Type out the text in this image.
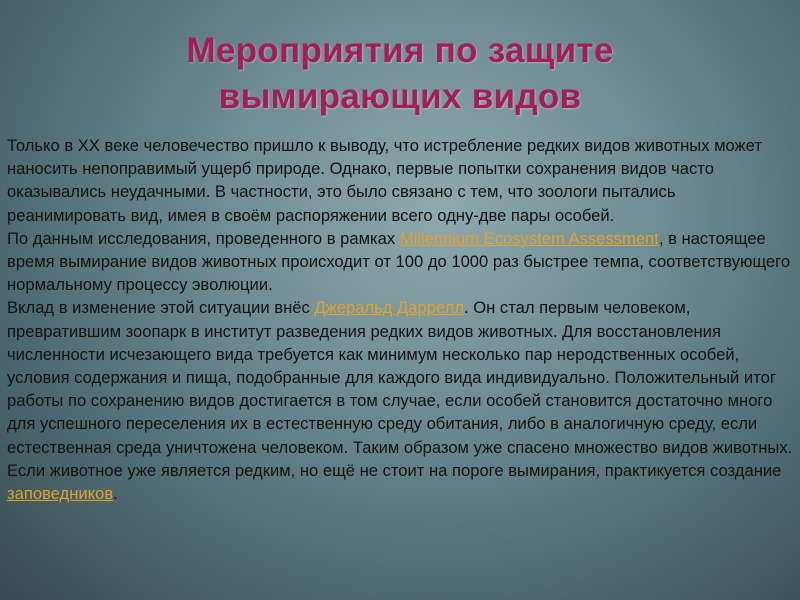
Мероприятия по защите
вымирающих видов

Только в XX веке человечество пришло к выводу, что истребление редких видов животных может наносить непоправимый ущерб природе. Однако, первые попытки сохранения видов часто оказывались неудачными. В частности, это было связано с тем, что зоологи пытались реанимировать вид, имея в своём распоряжении всего одну-две пары особей.

По данным исследования, проведенного в рамках Millennium Ecosystem Assessment, в настоящее время вымирание видов животных происходит от 100 до 1000 раз быстрее темпа, соответствующего нормальному процессу эволюции.

Вклад в изменение этой ситуации внёс Джеральд Даррелл. Он стал первым человеком, превратившим зоопарк в институт разведения редких видов животных. Для восстановления численности исчезающего вида требуется как минимум несколько пар неродственных особей, условия содержания и пища, подобранные для каждого вида индивидуально. Положительный итог работы по сохранению видов достигается в том случае, если особей становится достаточно много для успешного переселения их в естественную среду обитания, либо в аналогичную среду, если естественная среда уничтожена человеком. Таким образом уже спасено множество видов животных.

Если животное уже является редким, но ещё не стоит на пороге вымирания, практикуется создание заповедников.
